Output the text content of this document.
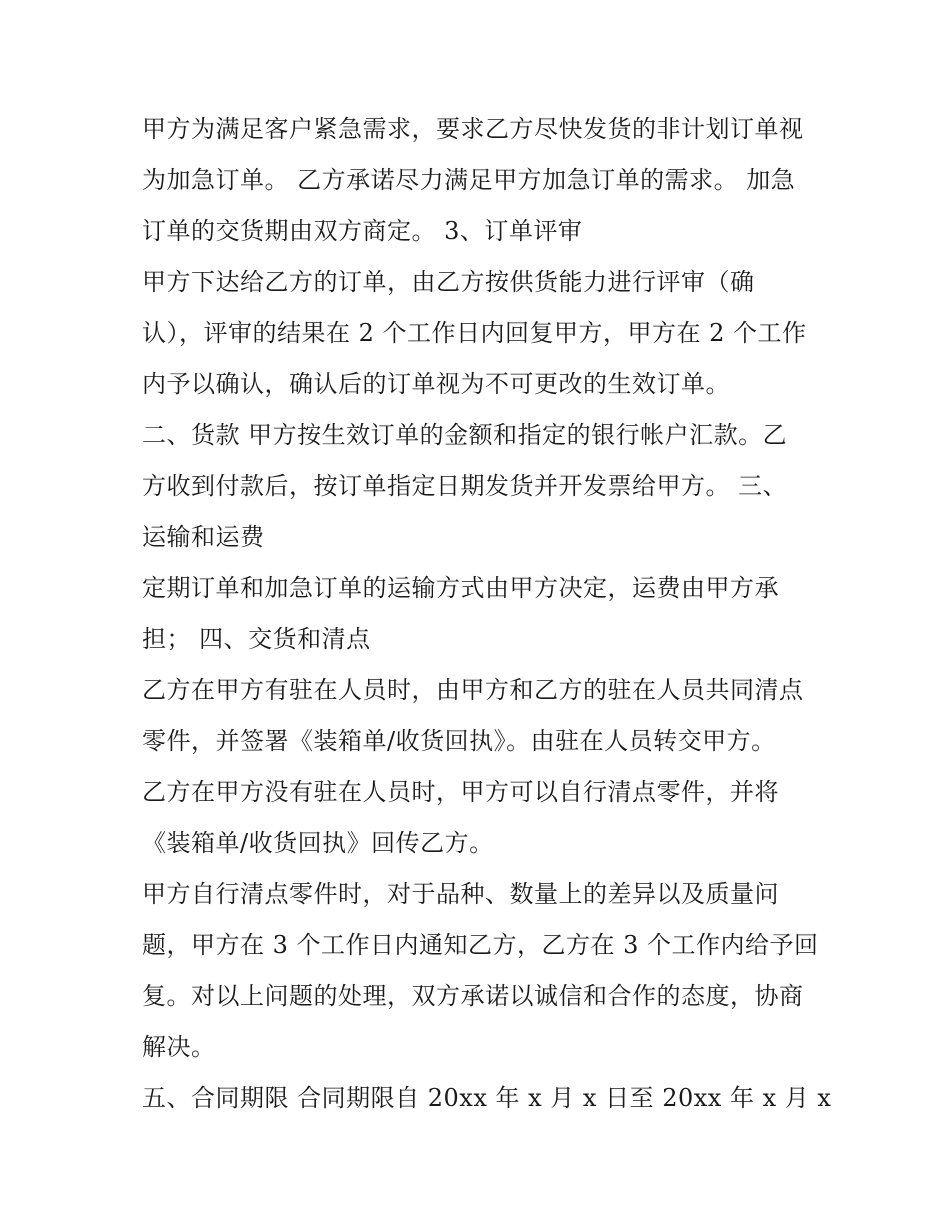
甲方为满足客户紧急需求，要求乙方尽快发货的非计划订单视
为加急订单。 乙方承诺尽力满足甲方加急订单的需求。 加急
订单的交货期由双方商定。 3、订单评审
甲方下达给乙方的订单，由乙方按供货能力进行评审（确
认），评审的结果在 2 个工作日内回复甲方，甲方在 2 个工作
内予以确认，确认后的订单视为不可更改的生效订单。
二、货款 甲方按生效订单的金额和指定的银行帐户汇款。乙
方收到付款后，按订单指定日期发货并开发票给甲方。 三、
运输和运费
定期订单和加急订单的运输方式由甲方决定，运费由甲方承
担； 四、交货和清点
乙方在甲方有驻在人员时，由甲方和乙方的驻在人员共同清点
零件，并签署《装箱单/收货回执》。由驻在人员转交甲方。
乙方在甲方没有驻在人员时，甲方可以自行清点零件，并将
《装箱单/收货回执》回传乙方。
甲方自行清点零件时，对于品种、数量上的差异以及质量问
题，甲方在 3 个工作日内通知乙方，乙方在 3 个工作内给予回
复。对以上问题的处理，双方承诺以诚信和合作的态度，协商
解决。
五、合同期限 合同期限自 20xx 年 x 月 x 日至 20xx 年 x 月 x
